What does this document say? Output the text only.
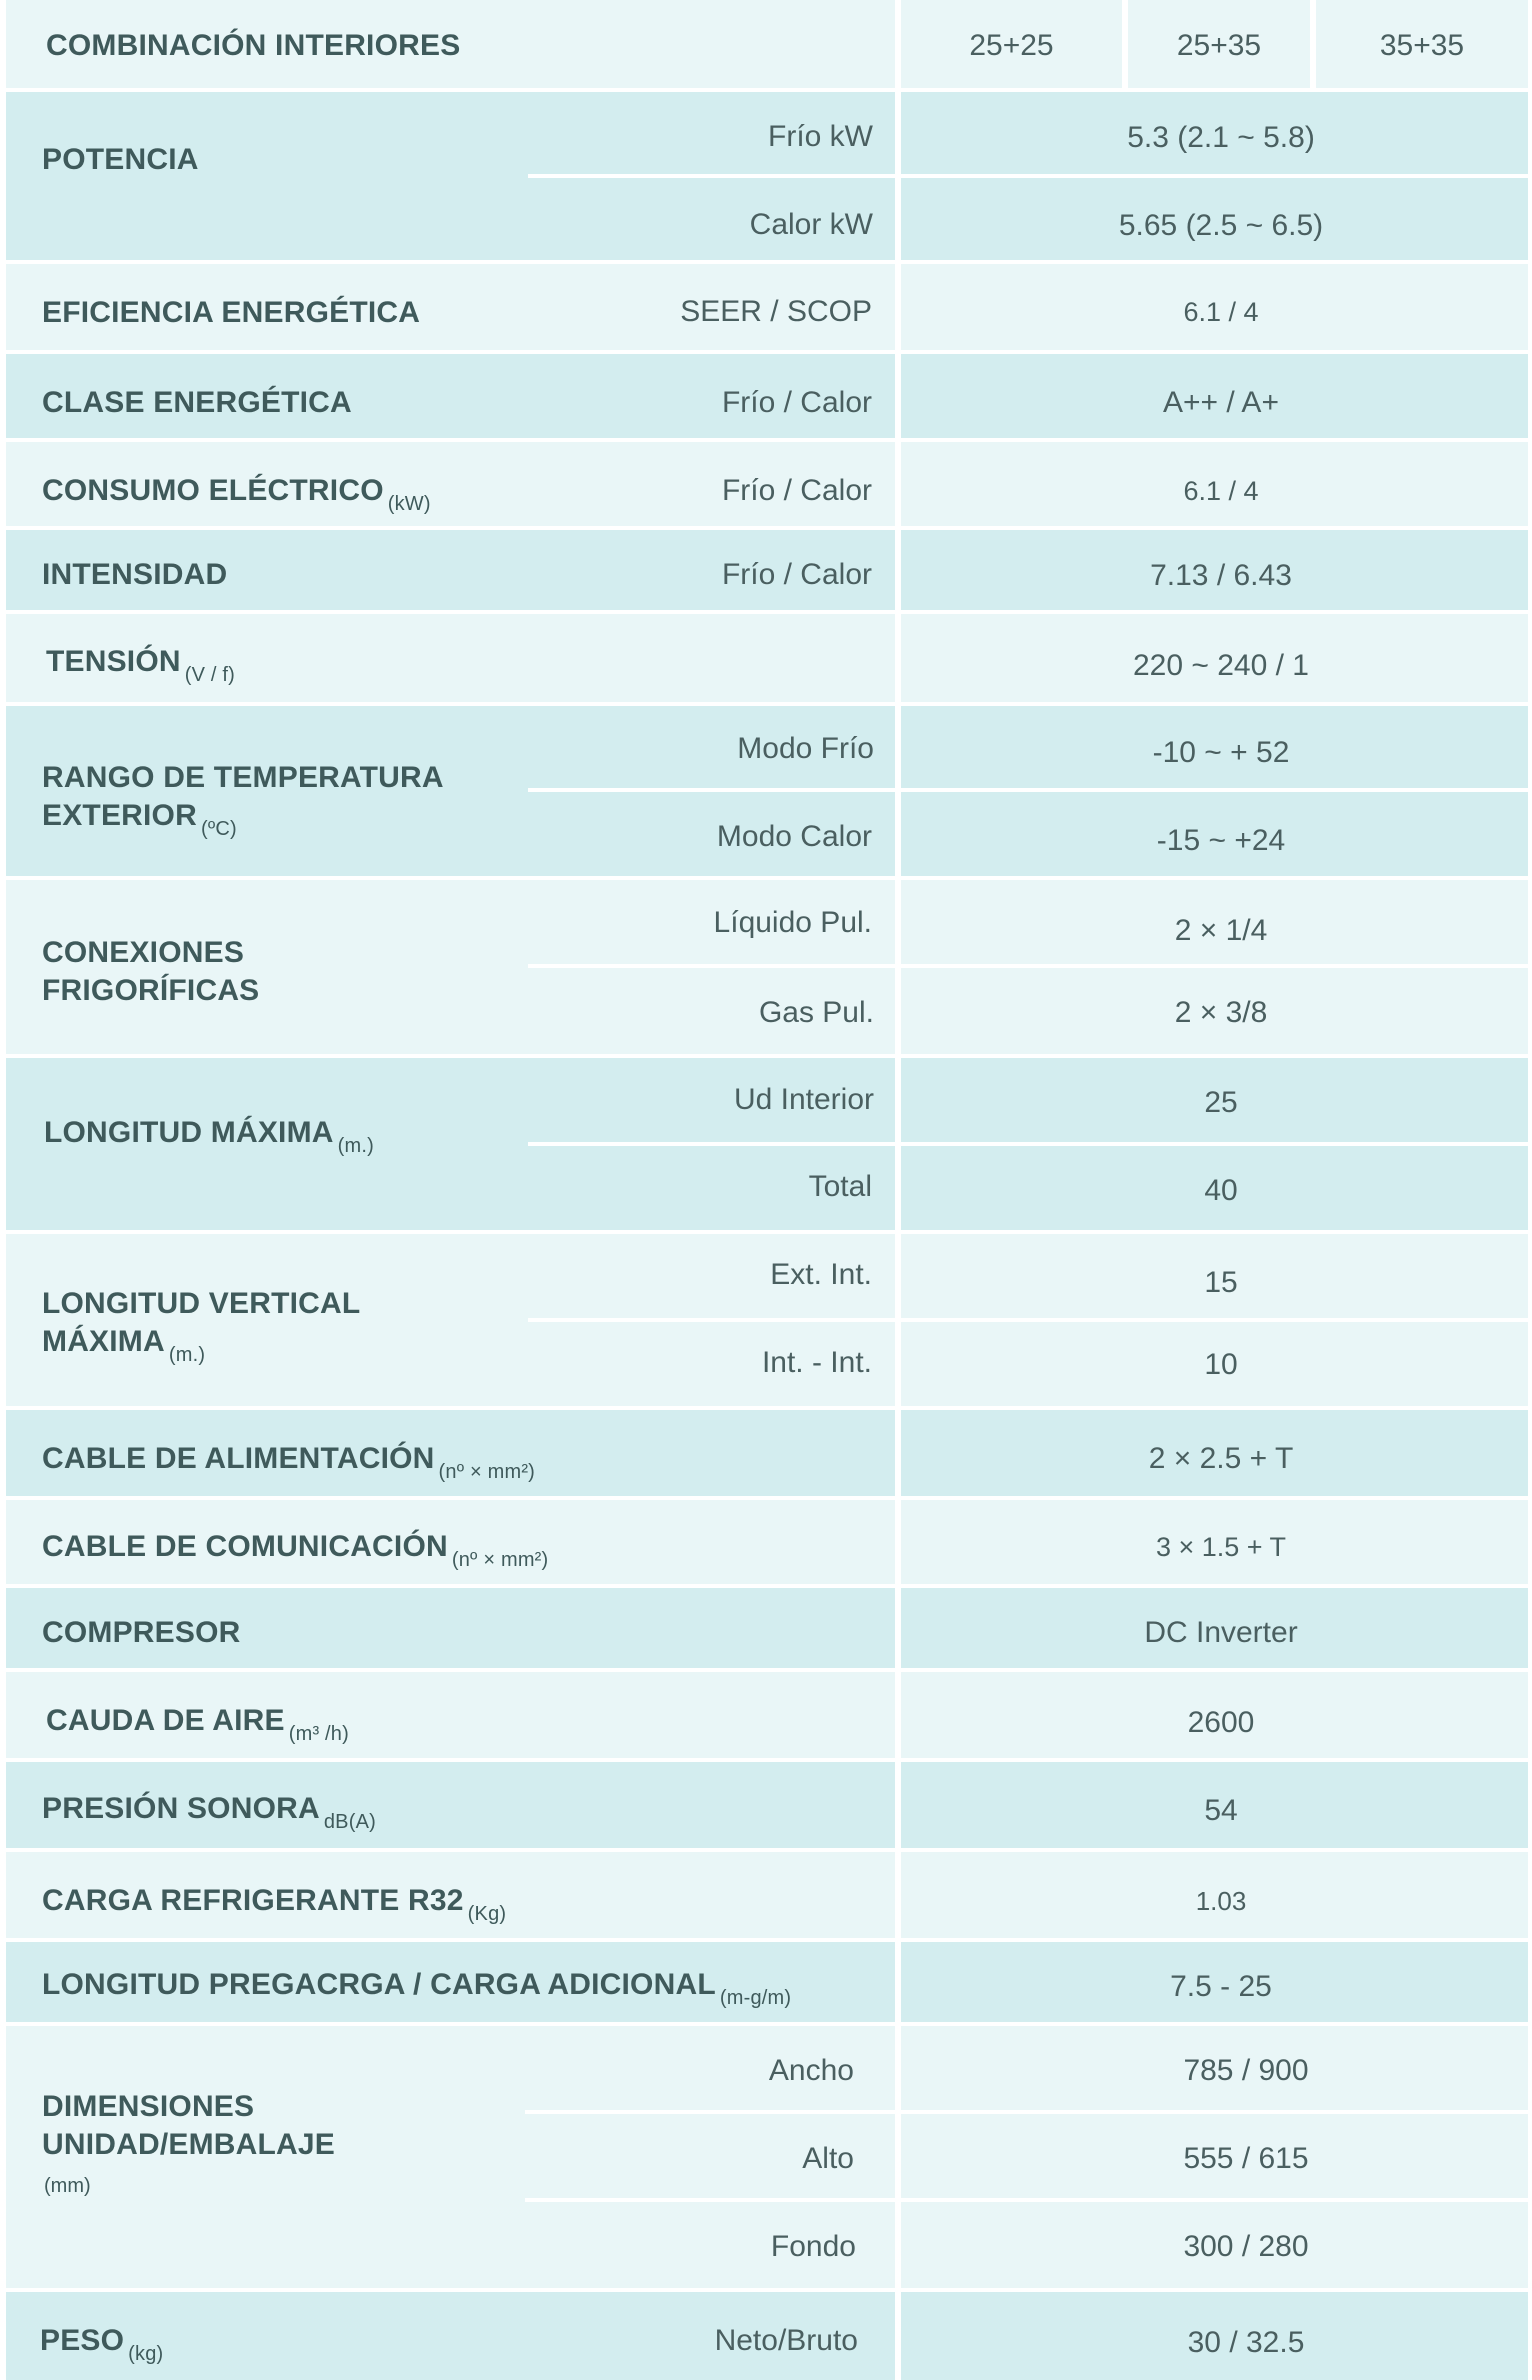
COMBINACIÓN INTERIORES	25+25	25+35	35+35
POTENCIA
Frío kW	5.3 (2.1 ~ 5.8)
Calor kW	5.65 (2.5 ~ 6.5)
EFICIENCIA ENERGÉTICA	SEER / SCOP	6.1 / 4
CLASE ENERGÉTICA	Frío / Calor	A++ / A+
CONSUMO ELÉCTRICO $_{(kW)}$	Frío / Calor	6.1 / 4
INTENSIDAD	Frío / Calor	7.13 / 6.43
TENSIÓN $_{(V / f)}$	220 ~ 240 / 1
RANGO DE TEMPERATURA
EXTERIOR $_{(ºC)}$
Modo Frío	-10 ~ + 52
Modo Calor	-15 ~ +24
CONEXIONES
FRIGORÍFICAS
Líquido Pul.	2 × 1/4
Gas Pul.	2 × 3/8
LONGITUD MÁXIMA $_{(m.)}$
Ud Interior	25
Total	40
LONGITUD VERTICAL
MÁXIMA $_{(m.)}$
Ext. Int.	15
Int. - Int.	10
CABLE DE ALIMENTACIÓN $_{(nº \times mm^2)}$	2 × 2.5 + T
CABLE DE COMUNICACIÓN $_{(nº \times mm^2)}$	3 × 1.5 + T
COMPRESOR	DC Inverter
CAUDA DE AIRE $_{(m^3 /h)}$	2600
PRESIÓN SONORA $_{dB(A)}$	54
CARGA REFRIGERANTE R32 $_{(Kg)}$	1.03
LONGITUD PREGACRGA / CARGA ADICIONAL $_{(m-g/m)}$	7.5 - 25
DIMENSIONES
UNIDAD/EMBALAJE
(mm)
Ancho	785 / 900
Alto	555 / 615
Fondo	300 / 280
PESO $_{(kg)}$	Neto/Bruto	30 / 32.5
